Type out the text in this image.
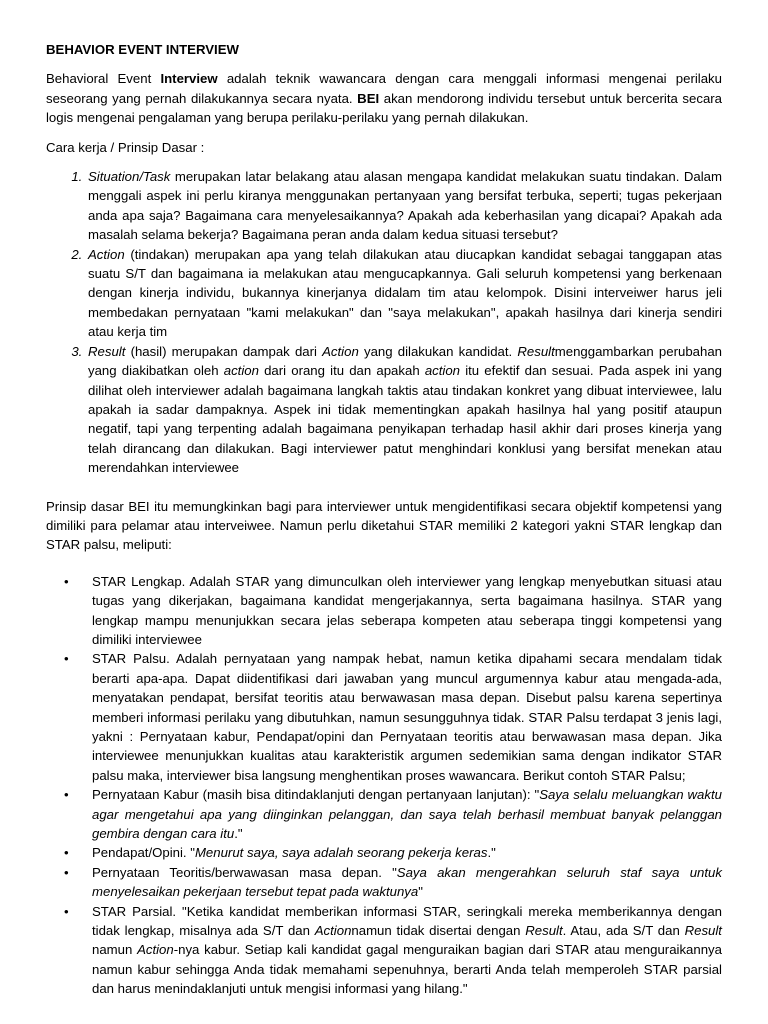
BEHAVIOR EVENT INTERVIEW

Behavioral Event Interview adalah teknik wawancara dengan cara menggali informasi mengenai perilaku seseorang yang pernah dilakukannya secara nyata. BEI akan mendorong individu tersebut untuk bercerita secara logis mengenai pengalaman yang berupa perilaku-perilaku yang pernah dilakukan.

Cara kerja / Prinsip Dasar :

1. Situation/Task merupakan latar belakang atau alasan mengapa kandidat melakukan suatu tindakan. Dalam menggali aspek ini perlu kiranya menggunakan pertanyaan yang bersifat terbuka, seperti; tugas pekerjaan anda apa saja? Bagaimana cara menyelesaikannya? Apakah ada keberhasilan yang dicapai? Apakah ada masalah selama bekerja? Bagaimana peran anda dalam kedua situasi tersebut?
2. Action (tindakan) merupakan apa yang telah dilakukan atau diucapkan kandidat sebagai tanggapan atas suatu S/T dan bagaimana ia melakukan atau mengucapkannya. Gali seluruh kompetensi yang berkenaan dengan kinerja individu, bukannya kinerjanya didalam tim atau kelompok. Disini interveiwer harus jeli membedakan pernyataan "kami melakukan" dan "saya melakukan", apakah hasilnya dari kinerja sendiri atau kerja tim
3. Result (hasil) merupakan dampak dari Action yang dilakukan kandidat. Resultmenggambarkan perubahan yang diakibatkan oleh action dari orang itu dan apakah action itu efektif dan sesuai. Pada aspek ini yang dilihat oleh interviewer adalah bagaimana langkah taktis atau tindakan konkret yang dibuat interviewee, lalu apakah ia sadar dampaknya. Aspek ini tidak mementingkan apakah hasilnya hal yang positif ataupun negatif, tapi yang terpenting adalah bagaimana penyikapan terhadap hasil akhir dari proses kinerja yang telah dirancang dan dilakukan. Bagi interviewer patut menghindari konklusi yang bersifat menekan atau merendahkan interviewee

Prinsip dasar BEI itu memungkinkan bagi para interviewer untuk mengidentifikasi secara objektif kompetensi yang dimiliki para pelamar atau interveiwee. Namun perlu diketahui STAR memiliki 2 kategori yakni STAR lengkap dan STAR palsu, meliputi:

• STAR Lengkap. Adalah STAR yang dimunculkan oleh interviewer yang lengkap menyebutkan situasi atau tugas yang dikerjakan, bagaimana kandidat mengerjakannya, serta bagaimana hasilnya. STAR yang lengkap mampu menunjukkan secara jelas seberapa kompeten atau seberapa tinggi kompetensi yang dimiliki interviewee
• STAR Palsu. Adalah pernyataan yang nampak hebat, namun ketika dipahami secara mendalam tidak berarti apa-apa. Dapat diidentifikasi dari jawaban yang muncul argumennya kabur atau mengada-ada, menyatakan pendapat, bersifat teoritis atau berwawasan masa depan. Disebut palsu karena sepertinya memberi informasi perilaku yang dibutuhkan, namun sesungguhnya tidak. STAR Palsu terdapat 3 jenis lagi, yakni : Pernyataan kabur, Pendapat/opini dan Pernyataan teoritis atau berwawasan masa depan. Jika interviewee menunjukkan kualitas atau karakteristik argumen sedemikian sama dengan indikator STAR palsu maka, interviewer bisa langsung menghentikan proses wawancara. Berikut contoh STAR Palsu;
• Pernyataan Kabur (masih bisa ditindaklanjuti dengan pertanyaan lanjutan): "Saya selalu meluangkan waktu agar mengetahui apa yang diinginkan pelanggan, dan saya telah berhasil membuat banyak pelanggan gembira dengan cara itu."
• Pendapat/Opini. "Menurut saya, saya adalah seorang pekerja keras."
• Pernyataan Teoritis/berwawasan masa depan. "Saya akan mengerahkan seluruh staf saya untuk menyelesaikan pekerjaan tersebut tepat pada waktunya"
• STAR Parsial. "Ketika kandidat memberikan informasi STAR, seringkali mereka memberikannya dengan tidak lengkap, misalnya ada S/T dan Actionnamun tidak disertai dengan Result. Atau, ada S/T dan Result namun Action-nya kabur. Setiap kali kandidat gagal menguraikan bagian dari STAR atau menguraikannya namun kabur sehingga Anda tidak memahami sepenuhnya, berarti Anda telah memperoleh STAR parsial dan harus menindaklanjuti untuk mengisi informasi yang hilang."
